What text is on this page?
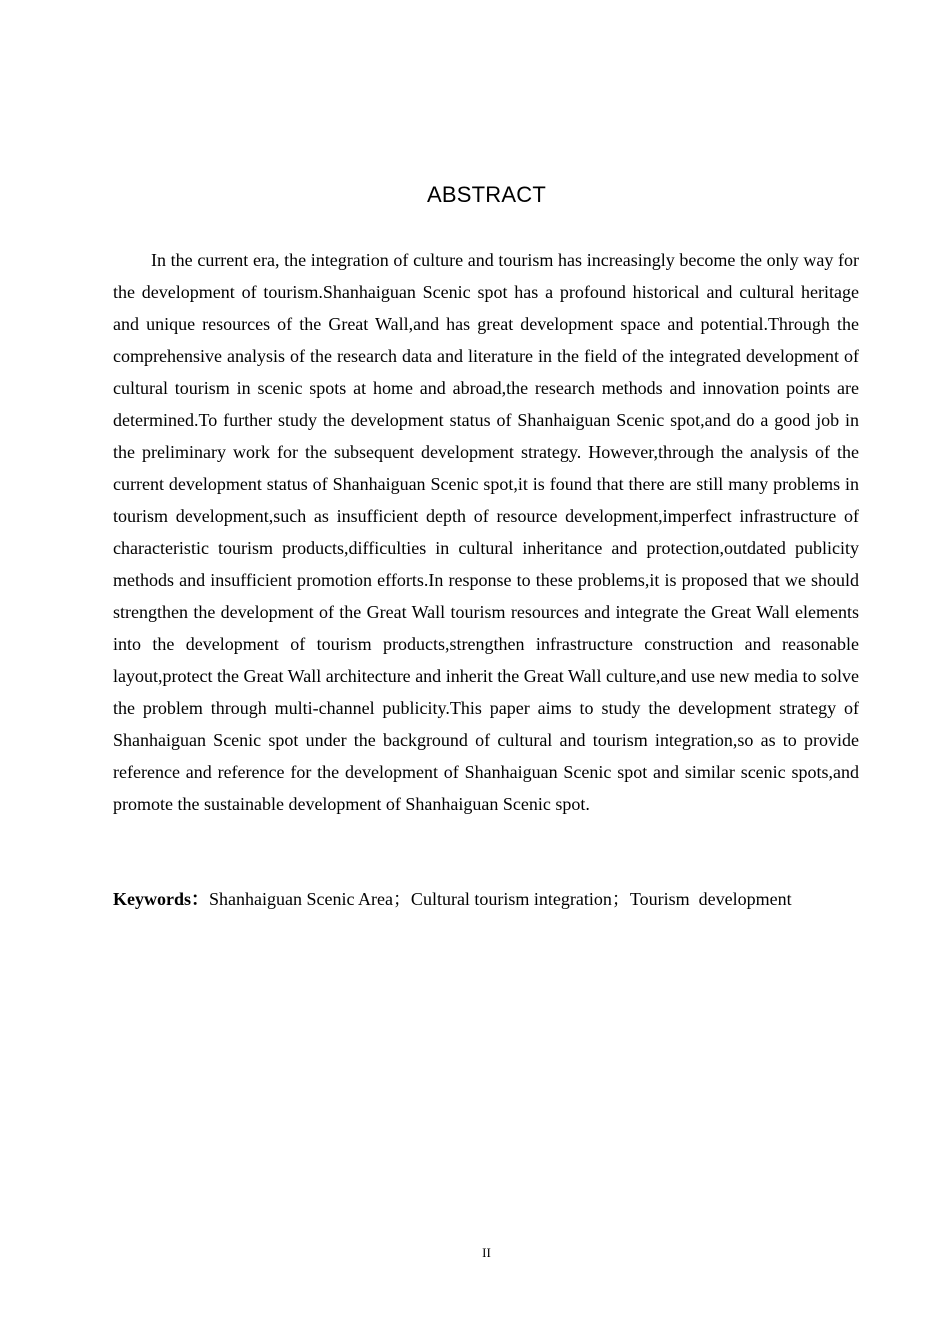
ABSTRACT

In the current era, the integration of culture and tourism has increasingly become the only way for the development of tourism.Shanhaiguan Scenic spot has a profound historical and cultural heritage and unique resources of the Great Wall,and has great development space and potential.Through the comprehensive analysis of the research data and literature in the field of the integrated development of cultural tourism in scenic spots at home and abroad,the research methods and innovation points are determined.To further study the development status of Shanhaiguan Scenic spot,and do a good job in the preliminary work for the subsequent development strategy. However,through the analysis of the current development status of Shanhaiguan Scenic spot,it is found that there are still many problems in tourism development,such as insufficient depth of resource development,imperfect infrastructure of characteristic tourism products,difficulties in cultural inheritance and protection,outdated publicity methods and insufficient promotion efforts.In response to these problems,it is proposed that we should strengthen the development of the Great Wall tourism resources and integrate the Great Wall elements into the development of tourism products,strengthen infrastructure construction and reasonable layout,protect the Great Wall architecture and inherit the Great Wall culture,and use new media to solve the problem through multi-channel publicity.This paper aims to study the development strategy of Shanhaiguan Scenic spot under the background of cultural and tourism integration,so as to provide reference and reference for the development of Shanhaiguan Scenic spot and similar scenic spots,and promote the sustainable development of Shanhaiguan Scenic spot.

Keywords：Shanhaiguan Scenic Area；Cultural tourism integration；Tourism  development

II
